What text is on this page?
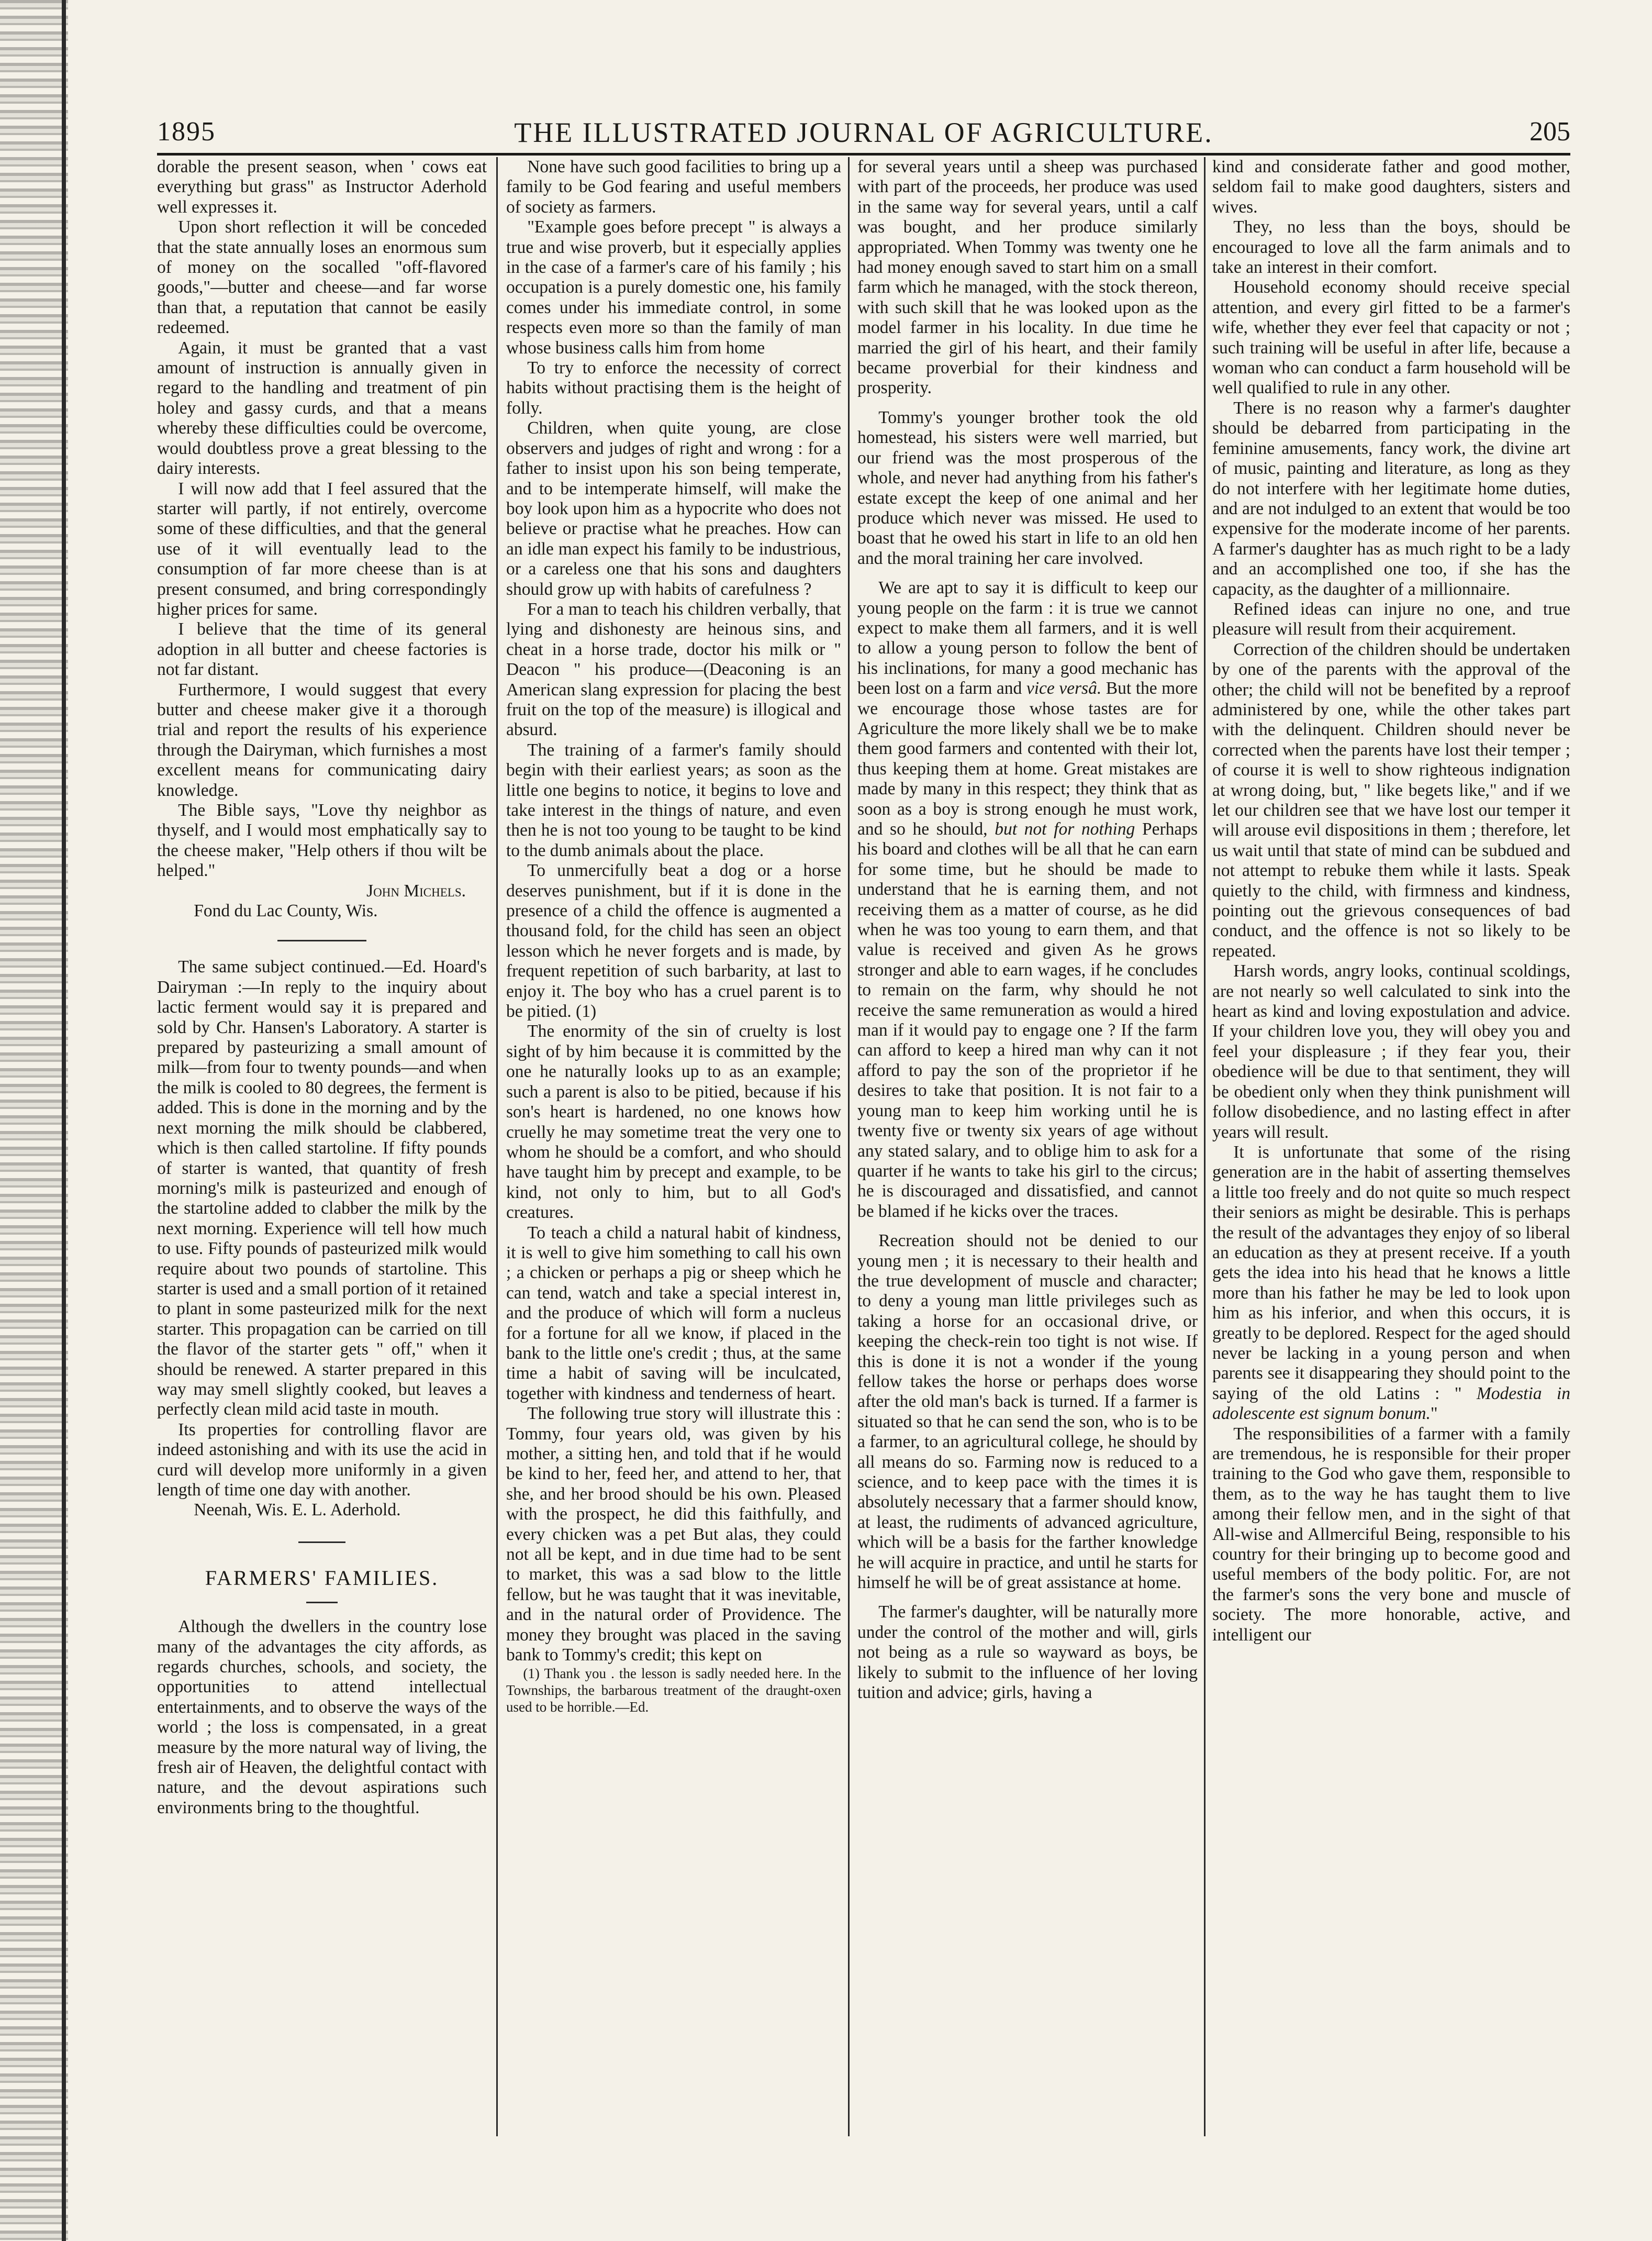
1895	THE ILLUSTRATED JOURNAL OF AGRICULTURE.	205

dorable the present season, when ' cows eat everything but grass" as Instructor Aderhold well expresses it.

Upon short reflection it will be conceded that the state annually loses an enormous sum of money on the socalled "off-flavored goods,"—butter and cheese—and far worse than that, a reputation that cannot be easily redeemed.

Again, it must be granted that a vast amount of instruction is annually given in regard to the handling and treatment of pin holey and gassy curds, and that a means whereby these difficulties could be overcome, would doubtless prove a great blessing to the dairy interests.

I will now add that I feel assured that the starter will partly, if not entirely, overcome some of these difficulties, and that the general use of it will eventually lead to the consumption of far more cheese than is at present consumed, and bring correspondingly higher prices for same.

I believe that the time of its general adoption in all butter and cheese factories is not far distant.

Furthermore, I would suggest that every butter and cheese maker give it a thorough trial and report the results of his experience through the Dairyman, which furnishes a most excellent means for communicating dairy knowledge.

The Bible says, "Love thy neighbor as thyself, and I would most emphatically say to the cheese maker, "Help others if thou wilt be helped."

John Michels.

Fond du Lac County, Wis.

The same subject continued.—Ed. Hoard's Dairyman :—In reply to the inquiry about lactic ferment would say it is prepared and sold by Chr. Hansen's Laboratory. A starter is prepared by pasteurizing a small amount of milk—from four to twenty pounds—and when the milk is cooled to 80 degrees, the ferment is added. This is done in the morning and by the next morning the milk should be clabbered, which is then called startoline. If fifty pounds of starter is wanted, that quantity of fresh morning's milk is pasteurized and enough of the startoline added to clabber the milk by the next morning. Experience will tell how much to use. Fifty pounds of pasteurized milk would require about two pounds of startoline. This starter is used and a small portion of it retained to plant in some pasteurized milk for the next starter. This propagation can be carried on till the flavor of the starter gets " off," when it should be renewed. A starter prepared in this way may smell slightly cooked, but leaves a perfectly clean mild acid taste in mouth.

Its properties for controlling flavor are indeed astonishing and with its use the acid in curd will develop more uniformly in a given length of time one day with another.

Neenah, Wis. E. L. Aderhold.

FARMERS' FAMILIES.

Although the dwellers in the country lose many of the advantages the city affords, as regards churches, schools, and society, the opportunities to attend intellectual entertainments, and to observe the ways of the world ; the loss is compensated, in a great measure by the more natural way of living, the fresh air of Heaven, the delightful contact with nature, and the devout aspirations such environments bring to the thoughtful.

None have such good facilities to bring up a family to be God fearing and useful members of society as farmers.

"Example goes before precept " is always a true and wise proverb, but it especially applies in the case of a farmer's care of his family ; his occupation is a purely domestic one, his family comes under his immediate control, in some respects even more so than the family of man whose business calls him from home

To try to enforce the necessity of correct habits without practising them is the height of folly.

Children, when quite young, are close observers and judges of right and wrong : for a father to insist upon his son being temperate, and to be intemperate himself, will make the boy look upon him as a hypocrite who does not believe or practise what he preaches. How can an idle man expect his family to be industrious, or a careless one that his sons and daughters should grow up with habits of carefulness ?

For a man to teach his children verbally, that lying and dishonesty are heinous sins, and cheat in a horse trade, doctor his milk or " Deacon " his produce—(Deaconing is an American slang expression for placing the best fruit on the top of the measure) is illogical and absurd.

The training of a farmer's family should begin with their earliest years; as soon as the little one begins to notice, it begins to love and take interest in the things of nature, and even then he is not too young to be taught to be kind to the dumb animals about the place.

To unmercifully beat a dog or a horse deserves punishment, but if it is done in the presence of a child the offence is augmented a thousand fold, for the child has seen an object lesson which he never forgets and is made, by frequent repetition of such barbarity, at last to enjoy it. The boy who has a cruel parent is to be pitied. (1)

The enormity of the sin of cruelty is lost sight of by him because it is committed by the one he naturally looks up to as an example; such a parent is also to be pitied, because if his son's heart is hardened, no one knows how cruelly he may sometime treat the very one to whom he should be a comfort, and who should have taught him by precept and example, to be kind, not only to him, but to all God's creatures.

To teach a child a natural habit of kindness, it is well to give him something to call his own ; a chicken or perhaps a pig or sheep which he can tend, watch and take a special interest in, and the produce of which will form a nucleus for a fortune for all we know, if placed in the bank to the little one's credit ; thus, at the same time a habit of saving will be inculcated, together with kindness and tenderness of heart.

The following true story will illustrate this : Tommy, four years old, was given by his mother, a sitting hen, and told that if he would be kind to her, feed her, and attend to her, that she, and her brood should be his own. Pleased with the prospect, he did this faithfully, and every chicken was a pet But alas, they could not all be kept, and in due time had to be sent to market, this was a sad blow to the little fellow, but he was taught that it was inevitable, and in the natural order of Providence. The money they brought was placed in the saving bank to Tommy's credit; this kept on

(1) Thank you . the lesson is sadly needed here. In the Townships, the barbarous treatment of the draught-oxen used to be horrible.—Ed.

for several years until a sheep was purchased with part of the proceeds, her produce was used in the same way for several years, until a calf was bought, and her produce similarly appropriated. When Tommy was twenty one he had money enough saved to start him on a small farm which he managed, with the stock thereon, with such skill that he was looked upon as the model farmer in his locality. In due time he married the girl of his heart, and their family became proverbial for their kindness and prosperity.

Tommy's younger brother took the old homestead, his sisters were well married, but our friend was the most prosperous of the whole, and never had anything from his father's estate except the keep of one animal and her produce which never was missed. He used to boast that he owed his start in life to an old hen and the moral training her care involved.

We are apt to say it is difficult to keep our young people on the farm : it is true we cannot expect to make them all farmers, and it is well to allow a young person to follow the bent of his inclinations, for many a good mechanic has been lost on a farm and vice versâ. But the more we encourage those whose tastes are for Agriculture the more likely shall we be to make them good farmers and contented with their lot, thus keeping them at home. Great mistakes are made by many in this respect; they think that as soon as a boy is strong enough he must work, and so he should, but not for nothing Perhaps his board and clothes will be all that he can earn for some time, but he should be made to understand that he is earning them, and not receiving them as a matter of course, as he did when he was too young to earn them, and that value is received and given As he grows stronger and able to earn wages, if he concludes to remain on the farm, why should he not receive the same remuneration as would a hired man if it would pay to engage one ? If the farm can afford to keep a hired man why can it not afford to pay the son of the proprietor if he desires to take that position. It is not fair to a young man to keep him working until he is twenty five or twenty six years of age without any stated salary, and to oblige him to ask for a quarter if he wants to take his girl to the circus; he is discouraged and dissatisfied, and cannot be blamed if he kicks over the traces.

Recreation should not be denied to our young men ; it is necessary to their health and the true development of muscle and character; to deny a young man little privileges such as taking a horse for an occasional drive, or keeping the check-rein too tight is not wise. If this is done it is not a wonder if the young fellow takes the horse or perhaps does worse after the old man's back is turned. If a farmer is situated so that he can send the son, who is to be a farmer, to an agricultural college, he should by all means do so. Farming now is reduced to a science, and to keep pace with the times it is absolutely necessary that a farmer should know, at least, the rudiments of advanced agriculture, which will be a basis for the farther knowledge he will acquire in practice, and until he starts for himself he will be of great assistance at home.

The farmer's daughter, will be naturally more under the control of the mother and will, girls not being as a rule so wayward as boys, be likely to submit to the influence of her loving tuition and advice; girls, having a

kind and considerate father and good mother, seldom fail to make good daughters, sisters and wives.

They, no less than the boys, should be encouraged to love all the farm animals and to take an interest in their comfort.

Household economy should receive special attention, and every girl fitted to be a farmer's wife, whether they ever feel that capacity or not ; such training will be useful in after life, because a woman who can conduct a farm household will be well qualified to rule in any other.

There is no reason why a farmer's daughter should be debarred from participating in the feminine amusements, fancy work, the divine art of music, painting and literature, as long as they do not interfere with her legitimate home duties, and are not indulged to an extent that would be too expensive for the moderate income of her parents. A farmer's daughter has as much right to be a lady and an accomplished one too, if she has the capacity, as the daughter of a millionnaire.

Refined ideas can injure no one, and true pleasure will result from their acquirement.

Correction of the children should be undertaken by one of the parents with the approval of the other; the child will not be benefited by a reproof administered by one, while the other takes part with the delinquent. Children should never be corrected when the parents have lost their temper ; of course it is well to show righteous indignation at wrong doing, but, " like begets like," and if we let our children see that we have lost our temper it will arouse evil dispositions in them ; therefore, let us wait until that state of mind can be subdued and not attempt to rebuke them while it lasts. Speak quietly to the child, with firmness and kindness, pointing out the grievous consequences of bad conduct, and the offence is not so likely to be repeated.

Harsh words, angry looks, continual scoldings, are not nearly so well calculated to sink into the heart as kind and loving expostulation and advice. If your children love you, they will obey you and feel your displeasure ; if they fear you, their obedience will be due to that sentiment, they will be obedient only when they think punishment will follow disobedience, and no lasting effect in after years will result.

It is unfortunate that some of the rising generation are in the habit of asserting themselves a little too freely and do not quite so much respect their seniors as might be desirable. This is perhaps the result of the advantages they enjoy of so liberal an education as they at present receive. If a youth gets the idea into his head that he knows a little more than his father he may be led to look upon him as his inferior, and when this occurs, it is greatly to be deplored. Respect for the aged should never be lacking in a young person and when parents see it disappearing they should point to the saying of the old Latins : " Modestia in adolescente est signum bonum."

The responsibilities of a farmer with a family are tremendous, he is responsible for their proper training to the God who gave them, responsible to them, as to the way he has taught them to live among their fellow men, and in the sight of that All-wise and Allmerciful Being, responsible to his country for their bringing up to become good and useful members of the body politic. For, are not the farmer's sons the very bone and muscle of society. The more honorable, active, and intelligent our
